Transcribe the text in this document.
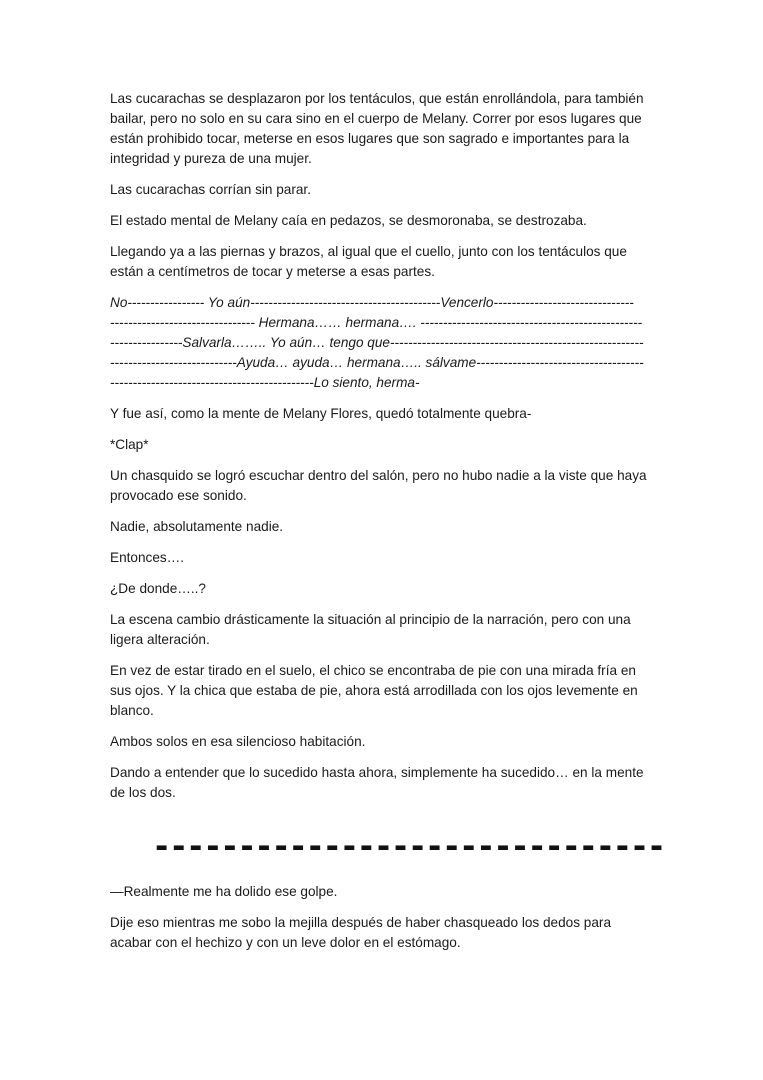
Las cucarachas se desplazaron por los tentáculos, que están enrollándola, para también bailar, pero no solo en su cara sino en el cuerpo de Melany. Correr por esos lugares que están prohibido tocar, meterse en esos lugares que son sagrado e importantes para la integridad y pureza de una mujer.

Las cucarachas corrían sin parar.

El estado mental de Melany caía en pedazos, se desmoronaba, se destrozaba.

Llegando ya a las piernas y brazos, al igual que el cuello, junto con los tentáculos que están a centímetros de tocar y meterse a esas partes.

No----------------- Yo aún------------------------------------------Vencerlo-------------------------------
-------------------------------- Hermana…… hermana…. -------------------------------------------------
----------------Salvarla…….. Yo aún… tengo que--------------------------------------------------------
----------------------------Ayuda… ayuda… hermana….. sálvame-------------------------------------
---------------------------------------------Lo siento, herma-

Y fue así, como la mente de Melany Flores, quedó totalmente quebra-

*Clap*

Un chasquido se logró escuchar dentro del salón, pero no hubo nadie a la viste que haya provocado ese sonido.

Nadie, absolutamente nadie.

Entonces….

¿De donde…..?

La escena cambio drásticamente la situación al principio de la narración, pero con una ligera alteración.

En vez de estar tirado en el suelo, el chico se encontraba de pie con una mirada fría en sus ojos. Y la chica que estaba de pie, ahora está arrodillada con los ojos levemente en blanco.

Ambos solos en esa silencioso habitación.

Dando a entender que lo sucedido hasta ahora, simplemente ha sucedido… en la mente de los dos.

------------------------------

—Realmente me ha dolido ese golpe.

Dije eso mientras me sobo la mejilla después de haber chasqueado los dedos para acabar con el hechizo y con un leve dolor en el estómago.
